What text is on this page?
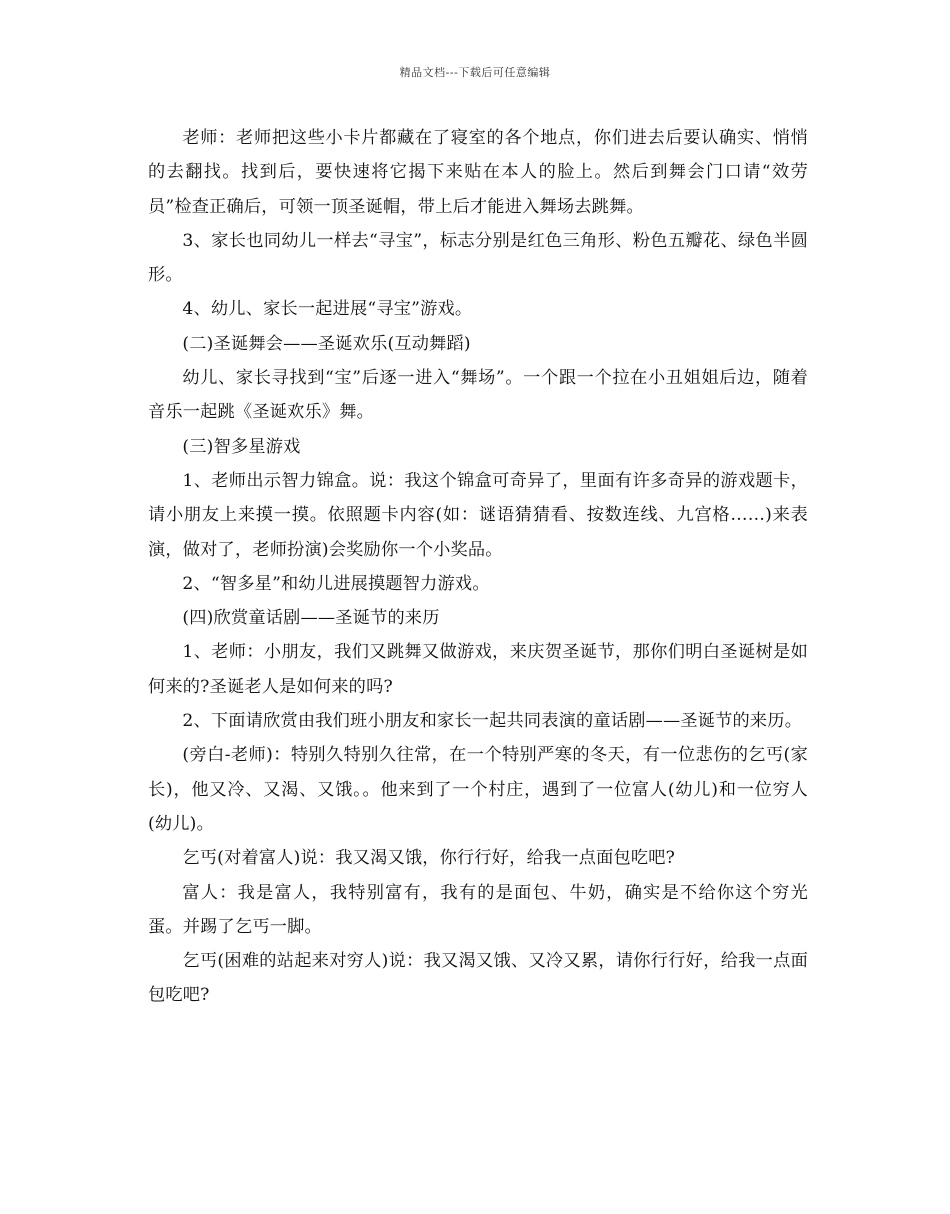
精品文档---下载后可任意编辑

老师：老师把这些小卡片都藏在了寝室的各个地点，你们进去后要认确实、悄悄的去翻找。找到后，要快速将它揭下来贴在本人的脸上。然后到舞会门口请“效劳员”检查正确后，可领一顶圣诞帽，带上后才能进入舞场去跳舞。

3、家长也同幼儿一样去“寻宝”，标志分别是红色三角形、粉色五瓣花、绿色半圆形。

4、幼儿、家长一起进展“寻宝”游戏。

(二)圣诞舞会——圣诞欢乐(互动舞蹈)

幼儿、家长寻找到“宝”后逐一进入“舞场”。一个跟一个拉在小丑姐姐后边，随着音乐一起跳《圣诞欢乐》舞。

(三)智多星游戏

1、老师出示智力锦盒。说：我这个锦盒可奇异了，里面有许多奇异的游戏题卡，请小朋友上来摸一摸。依照题卡内容(如：谜语猜猜看、按数连线、九宫格……)来表演，做对了，老师扮演)会奖励你一个小奖品。

2、“智多星”和幼儿进展摸题智力游戏。

(四)欣赏童话剧——圣诞节的来历

1、老师：小朋友，我们又跳舞又做游戏，来庆贺圣诞节，那你们明白圣诞树是如何来的?圣诞老人是如何来的吗?

2、下面请欣赏由我们班小朋友和家长一起共同表演的童话剧——圣诞节的来历。

(旁白-老师)：特别久特别久往常，在一个特别严寒的冬天，有一位悲伤的乞丐(家长)，他又冷、又渴、又饿。。他来到了一个村庄，遇到了一位富人(幼儿)和一位穷人(幼儿)。

乞丐(对着富人)说：我又渴又饿，你行行好，给我一点面包吃吧?

富人：我是富人，我特别富有，我有的是面包、牛奶，确实是不给你这个穷光蛋。并踢了乞丐一脚。

乞丐(困难的站起来对穷人)说：我又渴又饿、又冷又累，请你行行好，给我一点面包吃吧?
